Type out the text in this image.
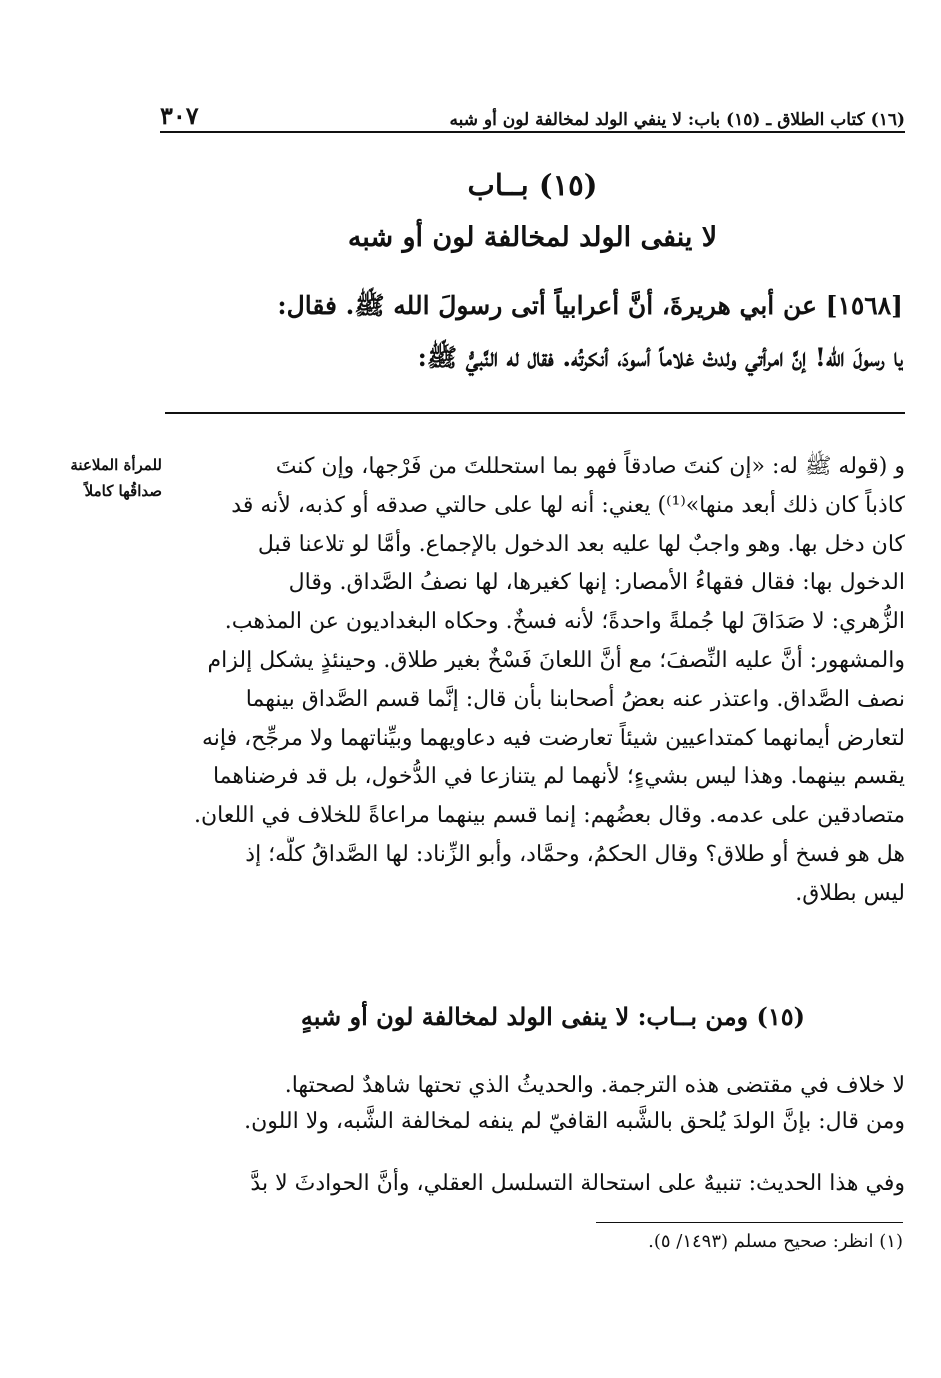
(١٦) كتاب الطلاق ـ (١٥) باب: لا ينفي الولد لمخالفة لون أو شبه
٣٠٧
(١٥) بــاب
لا ينفى الولد لمخالفة لون أو شبه
[١٥٦٨] عن أبي هريرةَ، أنَّ أعرابياً أتى رسولَ الله ﷺ. فقال:
يا رسولَ الله! إنَّ امرأتي ولدتْ غلاماً أسودَ، أنكرتُه. فقال له النَّبيُّ ﷺ:
للمرأة الملاعنة
صداقُها كاملاً
و (قوله ﷺ له: «إن كنتَ صادقاً فهو بما استحللتَ من فَرْجها، وإن كنتَ
كاذباً كان ذلك أبعد منها»⁽¹⁾) يعني: أنه لها على حالتي صدقه أو كذبه، لأنه قد
كان دخل بها. وهو واجبٌ لها عليه بعد الدخول بالإجماع. وأمَّا لو تلاعنا قبل
الدخول بها: فقال فقهاءُ الأمصار: إنها كغيرها، لها نصفُ الصَّداق. وقال
الزُّهري: لا صَدَاقَ لها جُملةً واحدةً؛ لأنه فسخٌ. وحكاه البغداديون عن المذهب.
والمشهور: أنَّ عليه النِّصفَ؛ مع أنَّ اللعانَ فَسْخٌ بغير طلاق. وحينئذٍ يشكل إلزام
نصف الصَّداق. واعتذر عنه بعضُ أصحابنا بأن قال: إنَّما قسم الصَّداق بينهما
لتعارض أيمانهما كمتداعيين شيئاً تعارضت فيه دعاويهما وبيِّناتهما ولا مرجِّح، فإنه
يقسم بينهما. وهذا ليس بشيءٍ؛ لأنهما لم يتنازعا في الدُّخول، بل قد فرضناهما
متصادقين على عدمه. وقال بعضُهم: إنما قسم بينهما مراعاةً للخلاف في اللعان.
هل هو فسخ أو طلاق؟ وقال الحكمُ، وحمَّاد، وأبو الزِّناد: لها الصَّداقُ كلُّه؛ إذ
ليس بطلاق.
(١٥) ومن بــاب: لا ينفى الولد لمخالفة لون أو شبهٍ
لا خلاف في مقتضى هذه الترجمة. والحديثُ الذي تحتها شاهدٌ لصحتها.
ومن قال: بإنَّ الولدَ يُلحق بالشَّبه القافيّ لم ينفه لمخالفة الشَّبه، ولا اللون.
وفي هذا الحديث: تنبيهٌ على استحالة التسلسل العقلي، وأنَّ الحوادثَ لا بدَّ
(١) انظر: صحيح مسلم (١٤٩٣/ ٥).
